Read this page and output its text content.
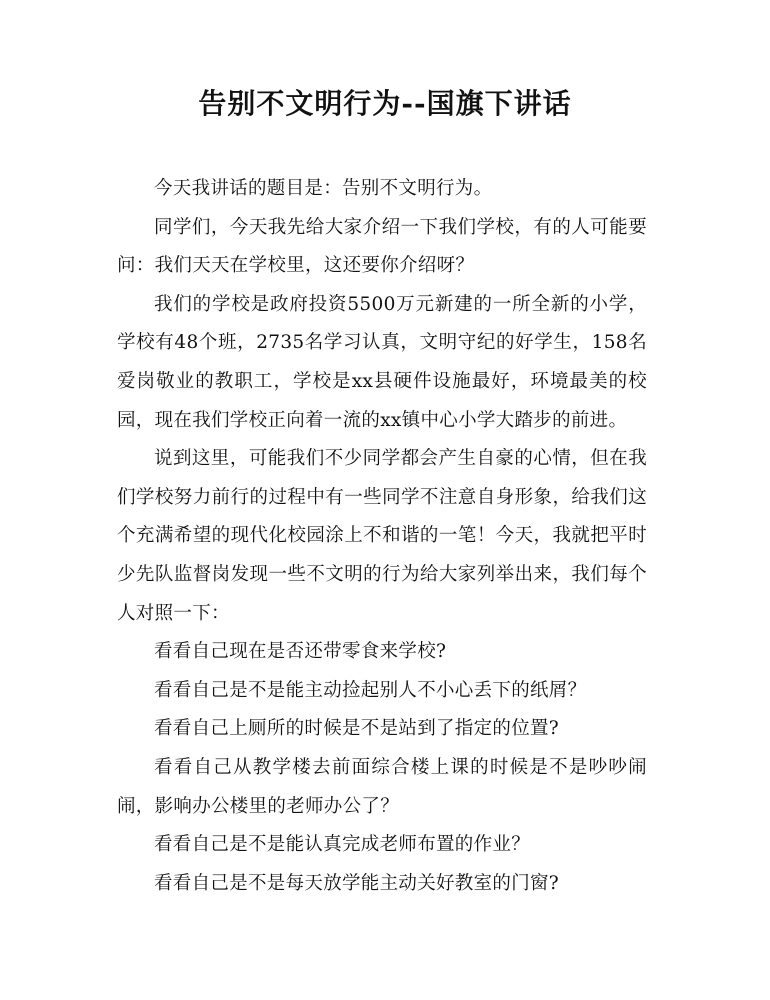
告别不文明行为--国旗下讲话

今天我讲话的题目是：告别不文明行为。

同学们，今天我先给大家介绍一下我们学校，有的人可能要问：我们天天在学校里，这还要你介绍呀？

我们的学校是政府投资5500万元新建的一所全新的小学，学校有48个班，2735名学习认真，文明守纪的好学生，158名爱岗敬业的教职工，学校是xx县硬件设施最好，环境最美的校园，现在我们学校正向着一流的xx镇中心小学大踏步的前进。

说到这里，可能我们不少同学都会产生自豪的心情，但在我们学校努力前行的过程中有一些同学不注意自身形象，给我们这个充满希望的现代化校园涂上不和谐的一笔！今天，我就把平时少先队监督岗发现一些不文明的行为给大家列举出来，我们每个人对照一下：

看看自己现在是否还带零食来学校?

看看自己是不是能主动捡起别人不小心丢下的纸屑？

看看自己上厕所的时候是不是站到了指定的位置?

看看自己从教学楼去前面综合楼上课的时候是不是吵吵闹闹，影响办公楼里的老师办公了？

看看自己是不是能认真完成老师布置的作业？

看看自己是不是每天放学能主动关好教室的门窗?
